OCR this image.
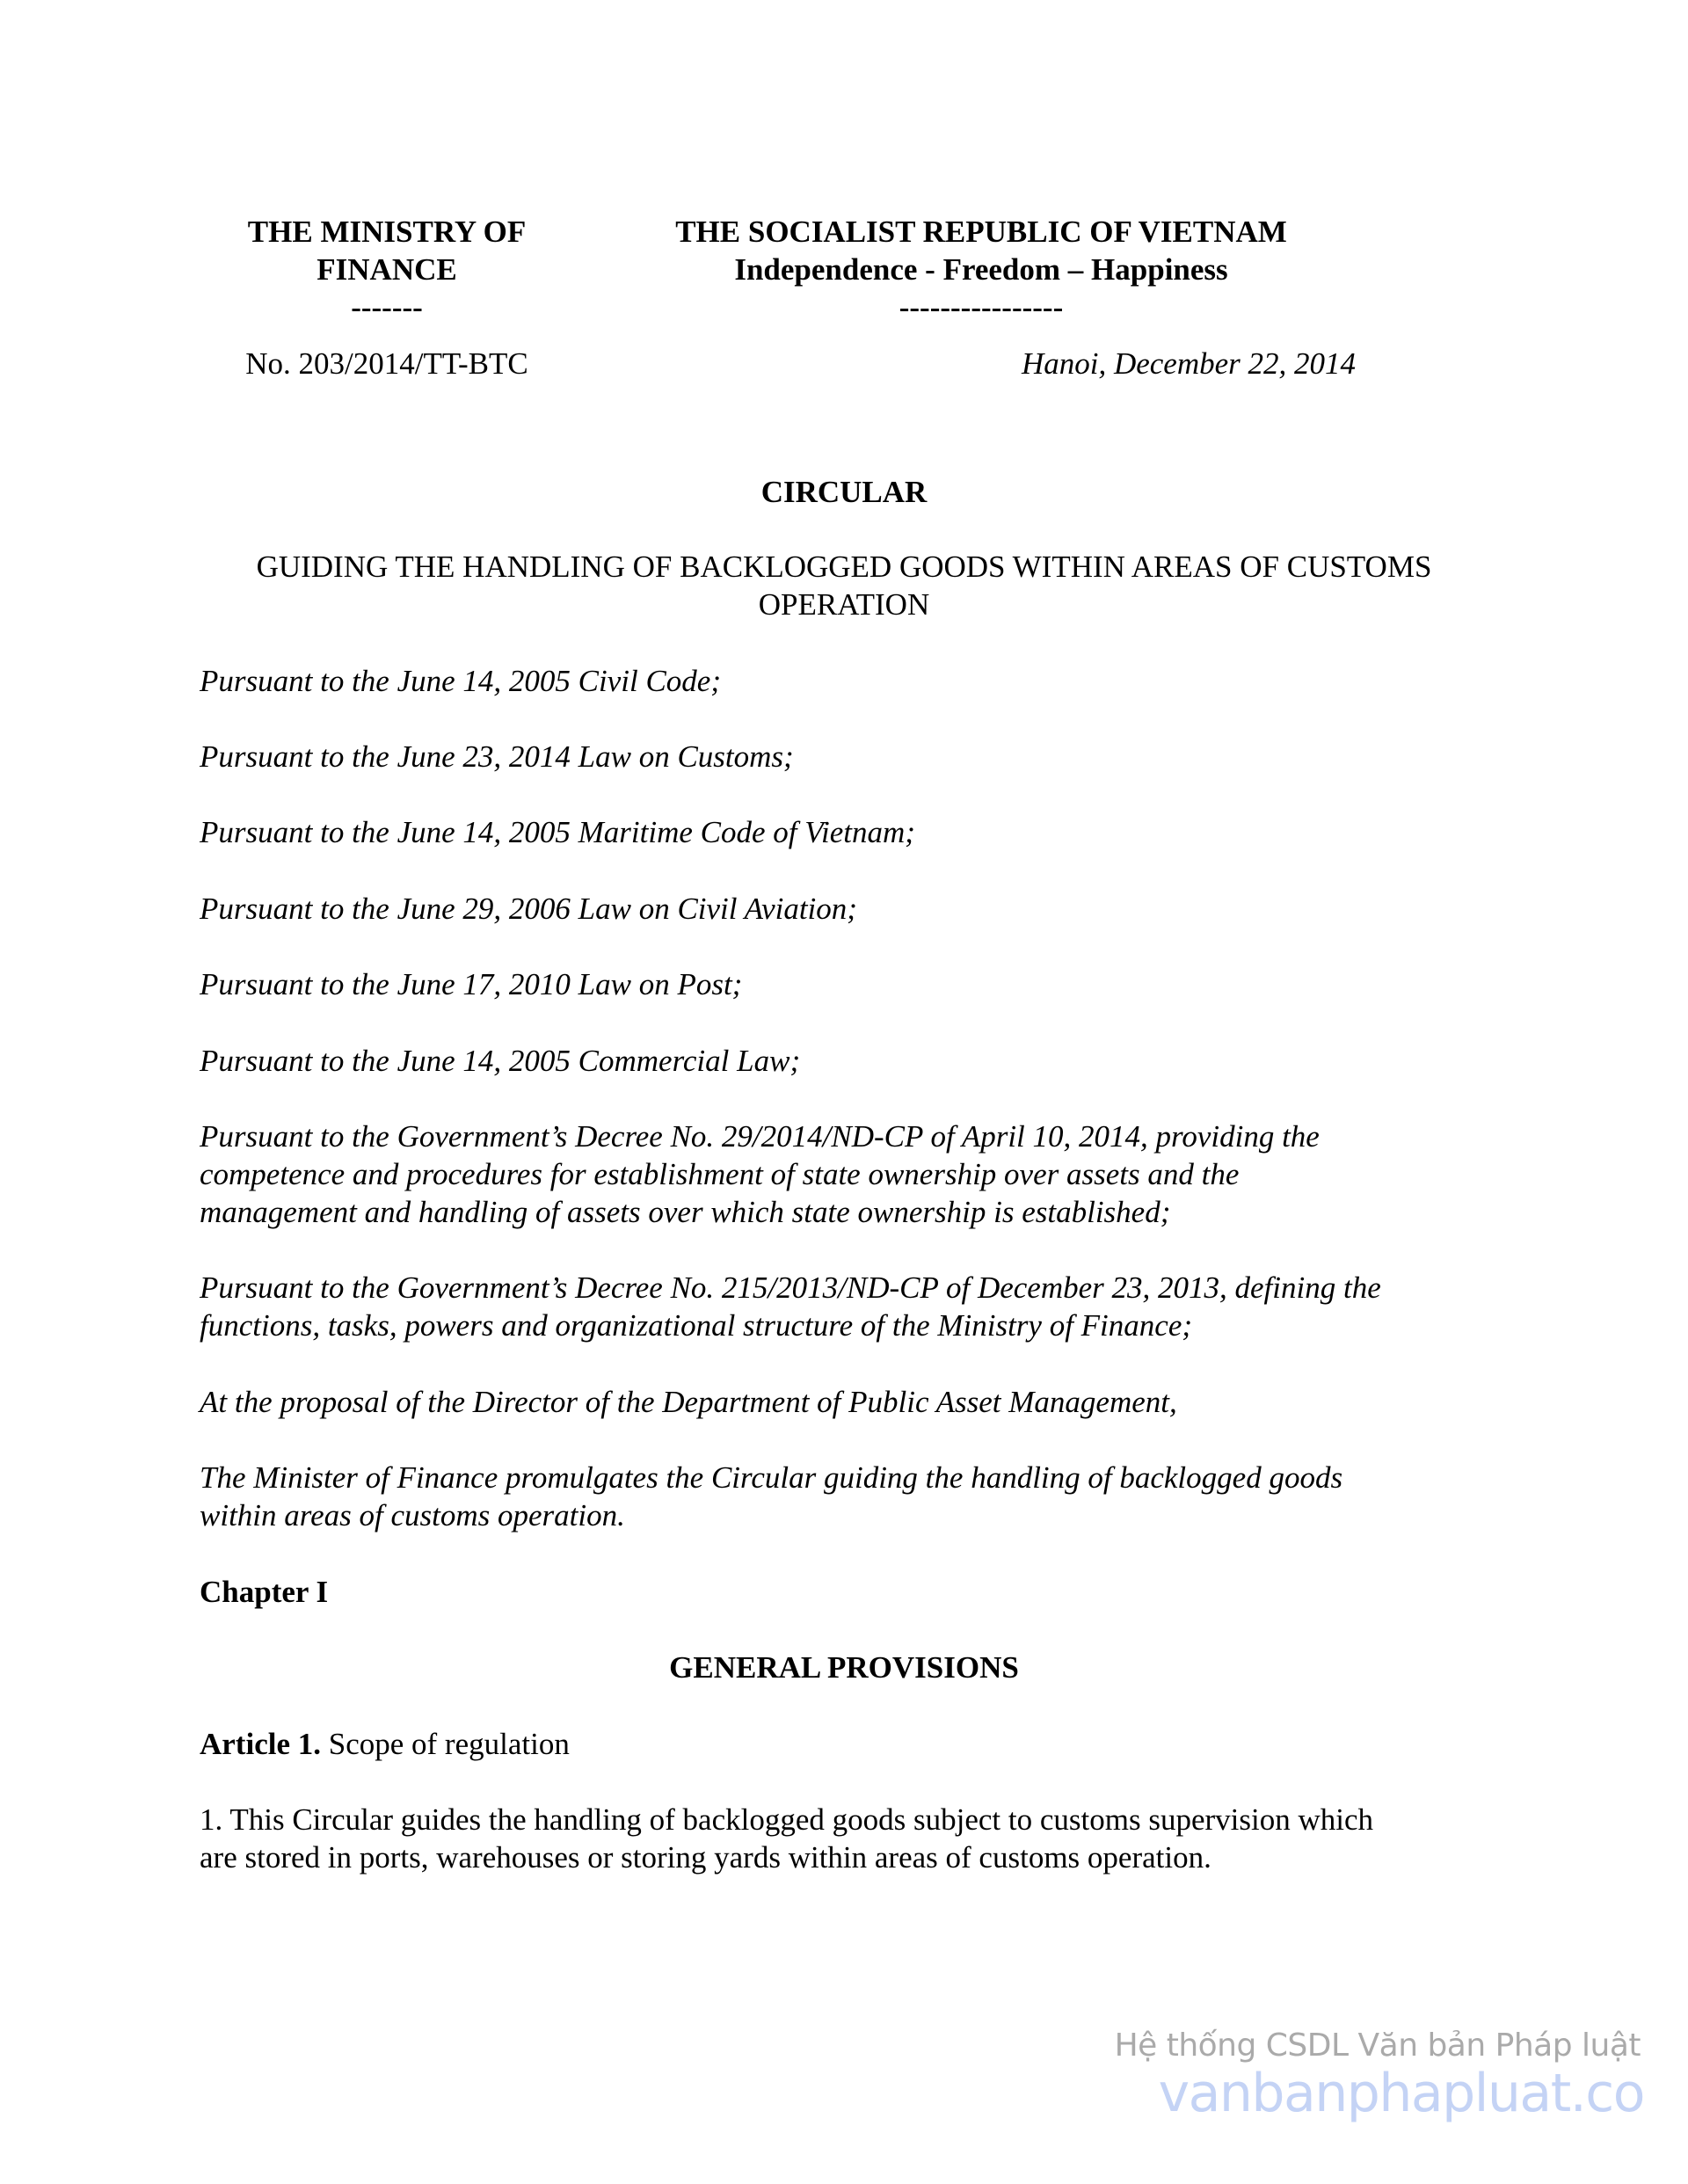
THE MINISTRY OF
FINANCE
-------
No. 203/2014/TT-BTC
THE SOCIALIST REPUBLIC OF VIETNAM
Independence - Freedom – Happiness
----------------
Hanoi, December 22, 2014
CIRCULAR
GUIDING THE HANDLING OF BACKLOGGED GOODS WITHIN AREAS OF CUSTOMS
OPERATION
Pursuant to the June 14, 2005 Civil Code;
Pursuant to the June 23, 2014 Law on Customs;
Pursuant to the June 14, 2005 Maritime Code of Vietnam;
Pursuant to the June 29, 2006 Law on Civil Aviation;
Pursuant to the June 17, 2010 Law on Post;
Pursuant to the June 14, 2005 Commercial Law;
Pursuant to the Government’s Decree No. 29/2014/ND-CP of April 10, 2014, providing the
competence and procedures for establishment of state ownership over assets and the
management and handling of assets over which state ownership is established;
Pursuant to the Government’s Decree No. 215/2013/ND-CP of December 23, 2013, defining the
functions, tasks, powers and organizational structure of the Ministry of Finance;
At the proposal of the Director of the Department of Public Asset Management,
The Minister of Finance promulgates the Circular guiding the handling of backlogged goods
within areas of customs operation.
Chapter I
GENERAL PROVISIONS
Article 1. Scope of regulation
1. This Circular guides the handling of backlogged goods subject to customs supervision which
are stored in ports, warehouses or storing yards within areas of customs operation.
Hệ thống CSDL Văn bản Pháp luật
vanbanphapluat.co
